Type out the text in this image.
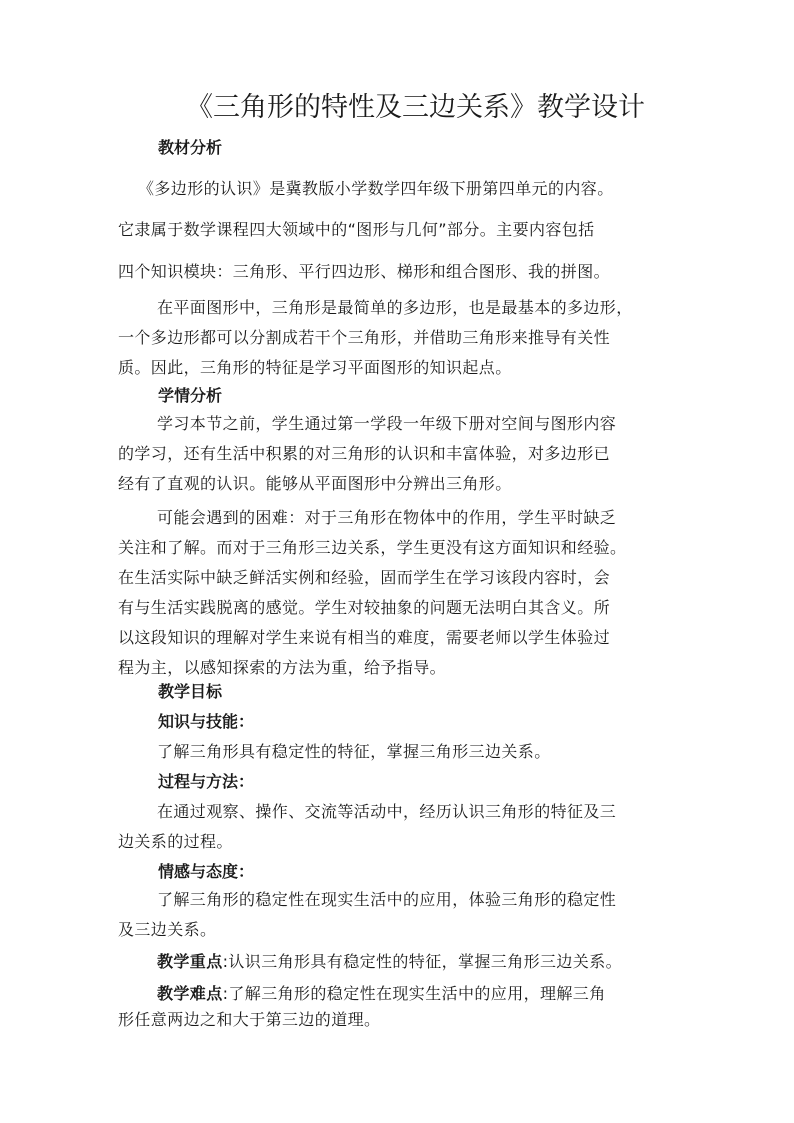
《三角形的特性及三边关系》教学设计
教材分析
《多边形的认识》是冀教版小学数学四年级下册第四单元的内容。
它隶属于数学课程四大领域中的“图形与几何”部分。主要内容包括
四个知识模块：三角形、平行四边形、梯形和组合图形、我的拼图。
在平面图形中，三角形是最简单的多边形，也是最基本的多边形，
一个多边形都可以分割成若干个三角形，并借助三角形来推导有关性
质。因此，三角形的特征是学习平面图形的知识起点。
学情分析
学习本节之前，学生通过第一学段一年级下册对空间与图形内容
的学习，还有生活中积累的对三角形的认识和丰富体验，对多边形已
经有了直观的认识。能够从平面图形中分辨出三角形。
可能会遇到的困难：对于三角形在物体中的作用，学生平时缺乏
关注和了解。而对于三角形三边关系，学生更没有这方面知识和经验。
在生活实际中缺乏鲜活实例和经验，固而学生在学习该段内容时，会
有与生活实践脱离的感觉。学生对较抽象的问题无法明白其含义。所
以这段知识的理解对学生来说有相当的难度，需要老师以学生体验过
程为主，以感知探索的方法为重，给予指导。
教学目标
知识与技能：
了解三角形具有稳定性的特征，掌握三角形三边关系。
过程与方法：
在通过观察、操作、交流等活动中，经历认识三角形的特征及三
边关系的过程。
情感与态度：
了解三角形的稳定性在现实生活中的应用，体验三角形的稳定性
及三边关系。
教学重点:认识三角形具有稳定性的特征，掌握三角形三边关系。
教学难点:了解三角形的稳定性在现实生活中的应用，理解三角
形任意两边之和大于第三边的道理。
